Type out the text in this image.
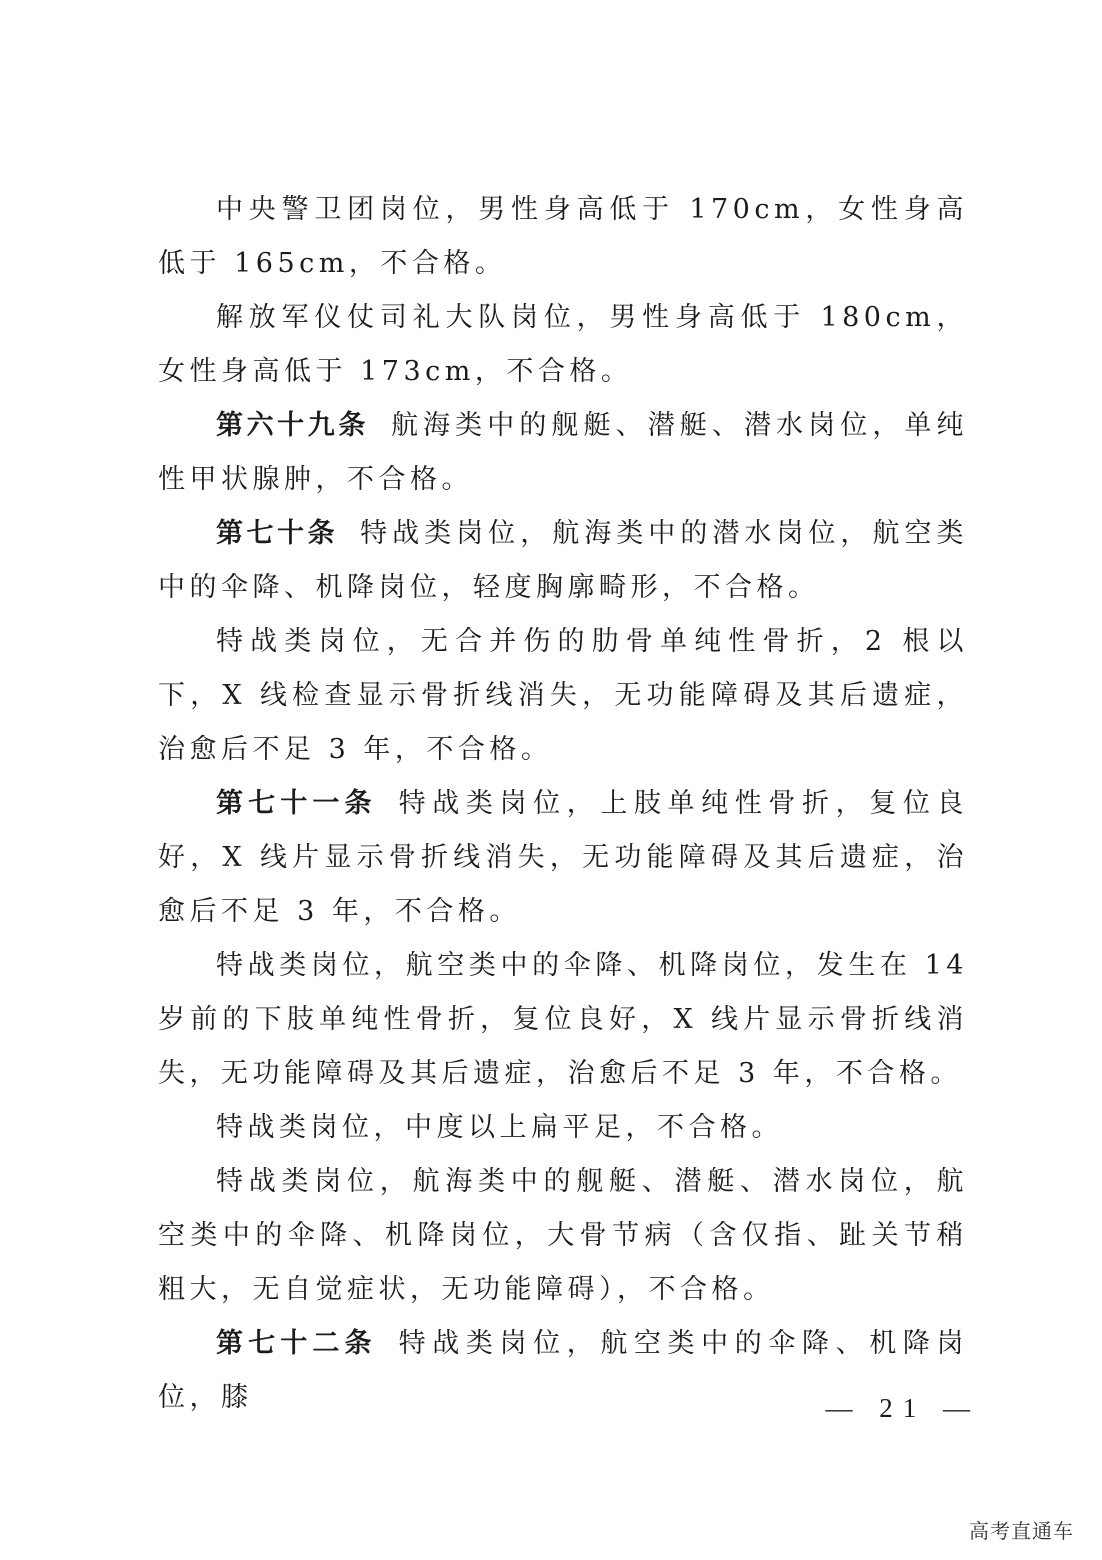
中央警卫团岗位，男性身高低于 170cm，女性身高低于 165cm，不合格。

解放军仪仗司礼大队岗位，男性身高低于 180cm，女性身高低于 173cm，不合格。

第六十九条 航海类中的舰艇、潜艇、潜水岗位，单纯性甲状腺肿，不合格。

第七十条 特战类岗位，航海类中的潜水岗位，航空类中的伞降、机降岗位，轻度胸廓畸形，不合格。

特战类岗位，无合并伤的肋骨单纯性骨折，2 根以下，X 线检查显示骨折线消失，无功能障碍及其后遗症，治愈后不足 3 年，不合格。

第七十一条 特战类岗位，上肢单纯性骨折，复位良好，X 线片显示骨折线消失，无功能障碍及其后遗症，治愈后不足 3 年，不合格。

特战类岗位，航空类中的伞降、机降岗位，发生在 14 岁前的下肢单纯性骨折，复位良好，X 线片显示骨折线消失，无功能障碍及其后遗症，治愈后不足 3 年，不合格。

特战类岗位，中度以上扁平足，不合格。

特战类岗位，航海类中的舰艇、潜艇、潜水岗位，航空类中的伞降、机降岗位，大骨节病（含仅指、趾关节稍粗大，无自觉症状，无功能障碍），不合格。

第七十二条 特战类岗位，航空类中的伞降、机降岗位，膝	— 21 —
高考直通车
